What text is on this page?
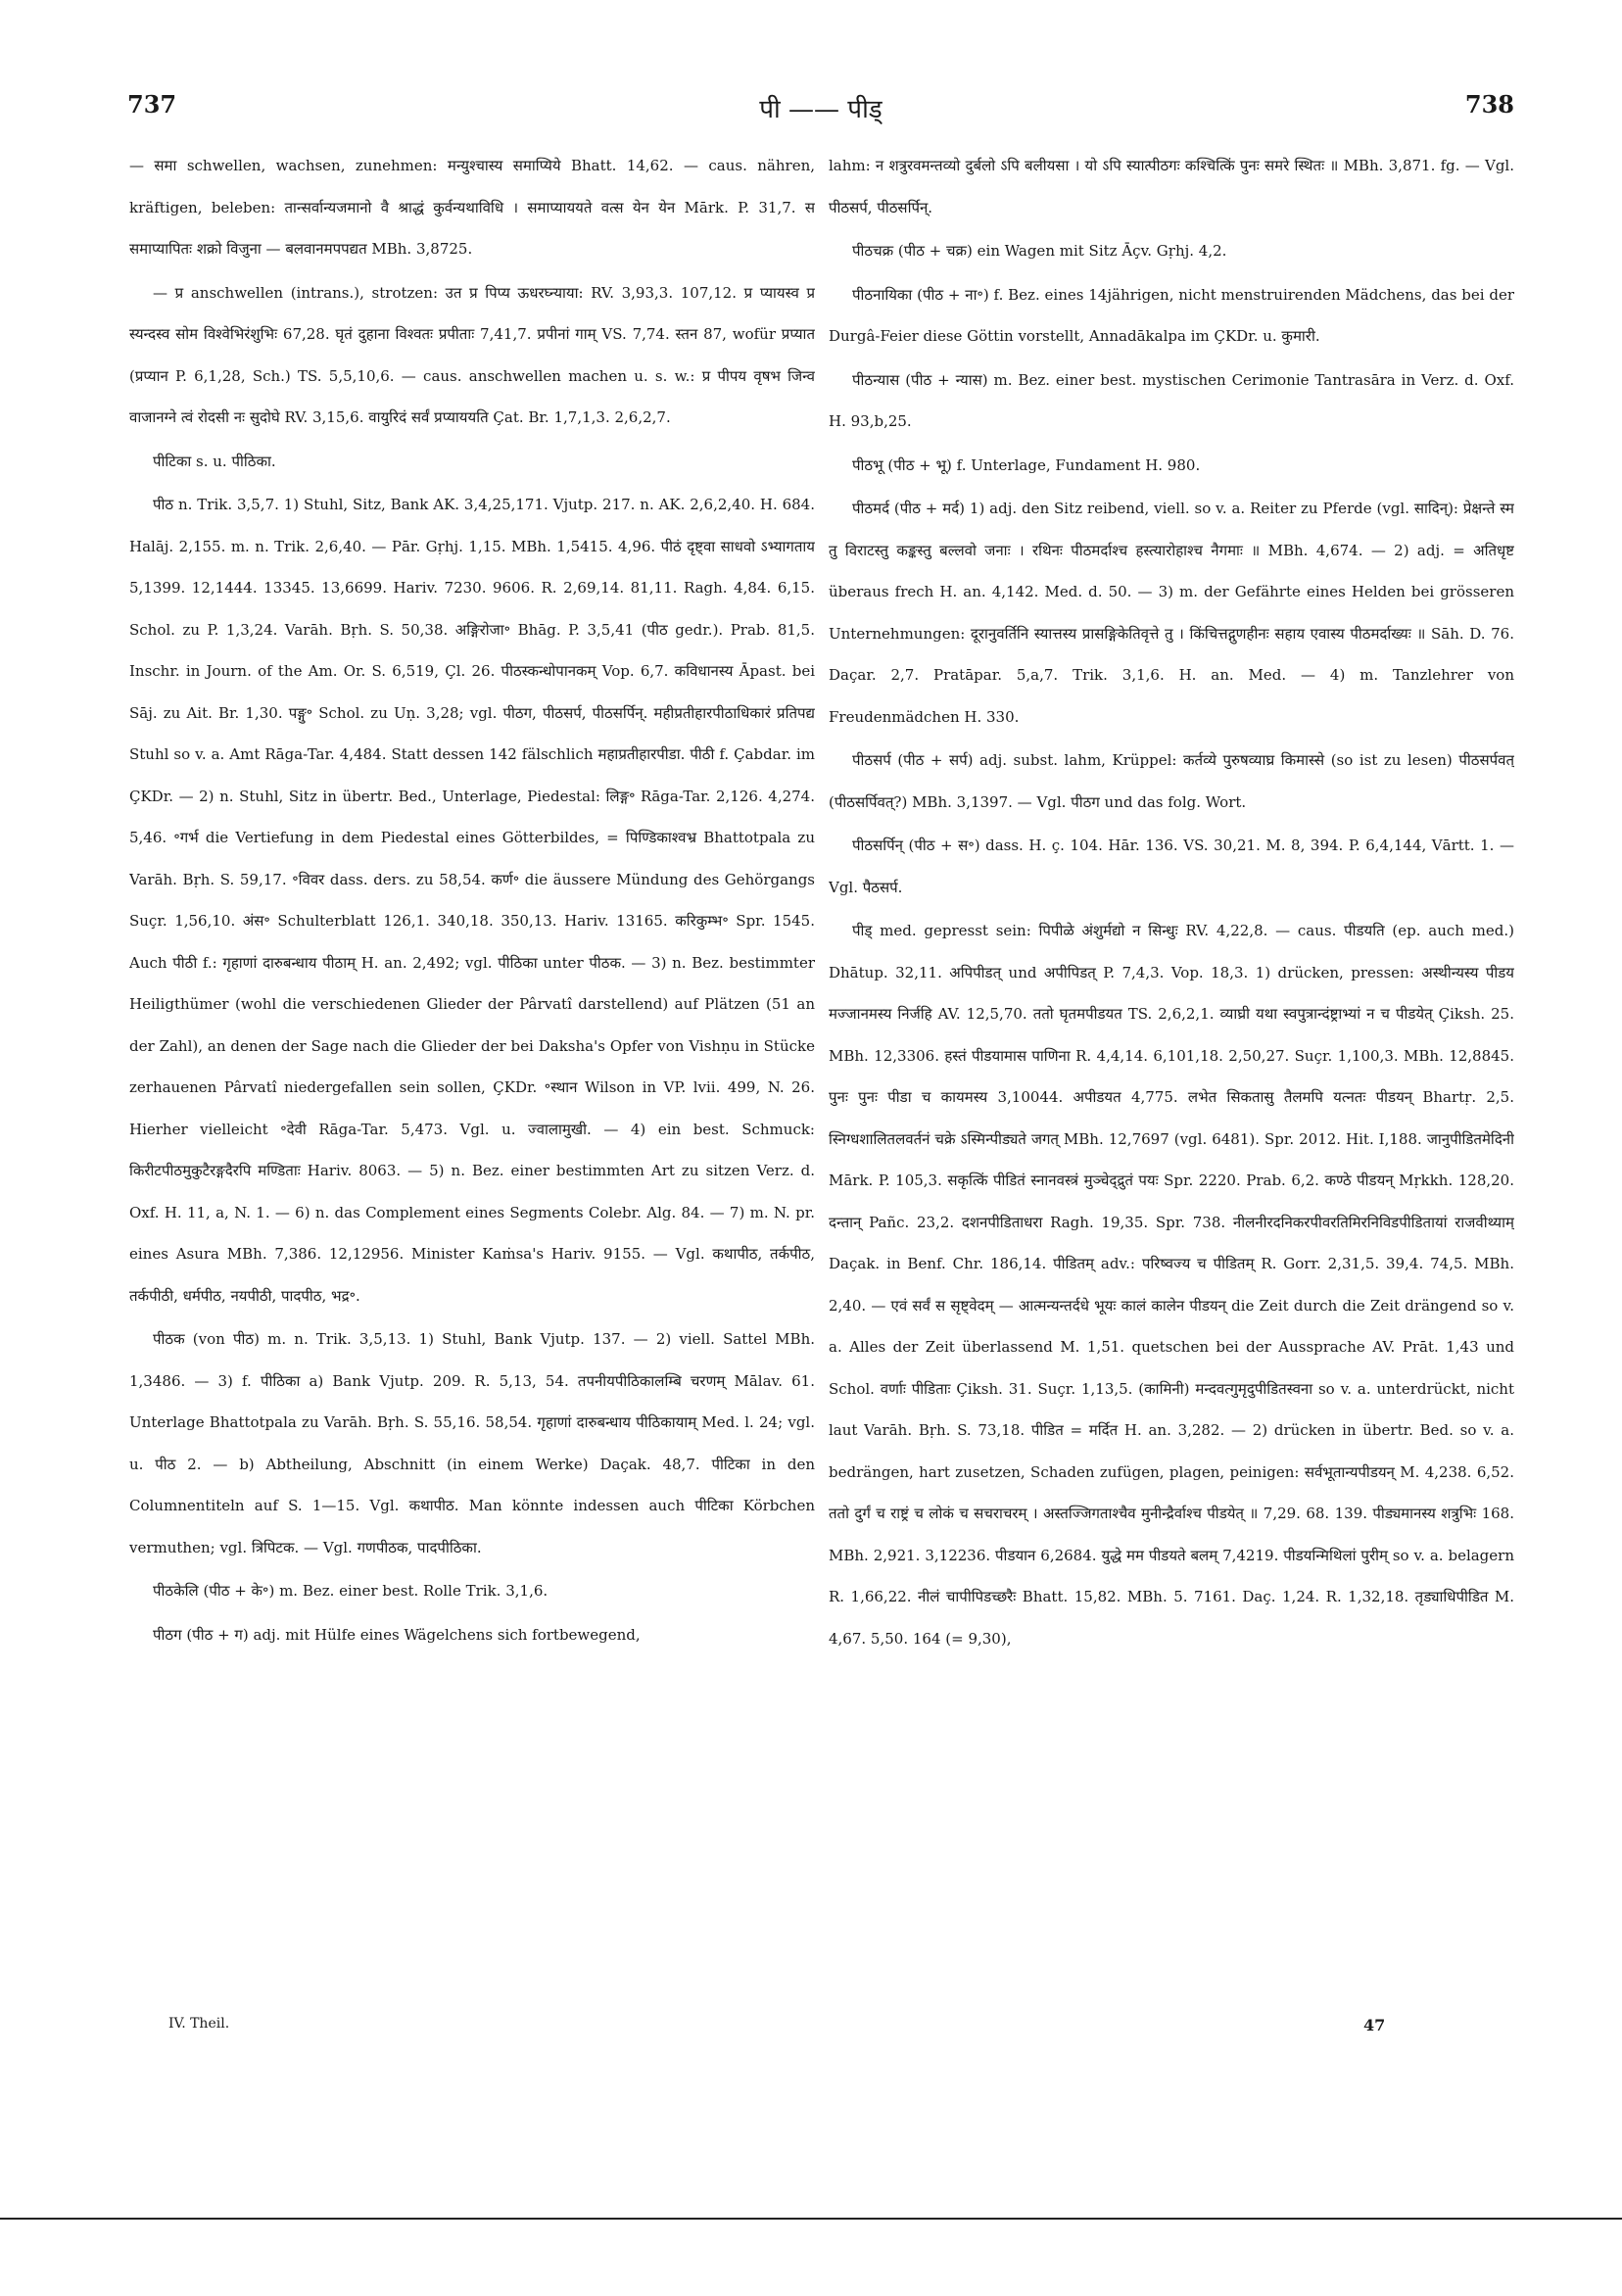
737	पी —— पीड्	738

— समा schwellen, wachsen, zunehmen: मन्युश्चास्य समाप्यिये Bhatt. 14,62. — caus. nähren, kräftigen, beleben: तान्सर्वान्यजमानो वै श्राद्धं कुर्वन्यथाविधि । समाप्याययते वत्स येन येन Mārk. P. 31,7. स समाप्यापितः शक्रो विजुना — बलवानमपपद्यत MBh. 3,8725.

— प्र anschwellen (intrans.), strotzen: उत प्र पिप्य ऊधरघ्न्याया: RV. 3,93,3. 107,12. प्र प्यायस्व प्र स्यन्दस्व सोम विश्वेभिरंशुभिः 67,28. घृतं दुहाना विश्वतः प्रपीताः 7,41,7. प्रपीनां गाम् VS. 7,74. स्तन 87, wofür प्रप्यात (प्रप्यान P. 6,1,28, Sch.) TS. 5,5,10,6. — caus. anschwellen machen u. s. w.: प्र पीपय वृषभ जिन्व वाजानग्ने त्वं रोदसी नः सुदोघे RV. 3,15,6. वायुरिदं सर्वं प्रप्याययति Çat. Br. 1,7,1,3. 2,6,2,7.

पीटिका s. u. पीठिका.

पीठ n. Trik. 3,5,7. 1) Stuhl, Sitz, Bank AK. 3,4,25,171. Vjutp. 217. n. AK. 2,6,2,40. H. 684. Halāj. 2,155. m. n. Trik. 2,6,40. — Pār. Gṛhj. 1,15. MBh. 1,5415. 4,96. पीठं दृष्ट्वा साधवो ऽभ्यागताय 5,1399. 12,1444. 13345. 13,6699. Hariv. 7230. 9606. R. 2,69,14. 81,11. Ragh. 4,84. 6,15. Schol. zu P. 1,3,24. Varāh. Bṛh. S. 50,38. अङ्गिरोजा॰ Bhāg. P. 3,5,41 (पीठ gedr.). Prab. 81,5. Inschr. in Journ. of the Am. Or. S. 6,519, Çl. 26. पीठस्कन्धोपानकम् Vop. 6,7. कविधानस्य Āpast. bei Sāj. zu Ait. Br. 1,30. पङ्गु॰ Schol. zu Uṇ. 3,28; vgl. पीठग, पीठसर्प, पीठसर्पिन्. महीप्रतीहारपीठाधिकारं प्रतिपद्य Stuhl so v. a. Amt Rāga-Tar. 4,484. Statt dessen 142 fälschlich महाप्रतीहारपीडा. पीठी f. Çabdar. im ÇKDr. — 2) n. Stuhl, Sitz in übertr. Bed., Unterlage, Piedestal: लिङ्ग॰ Rāga-Tar. 2,126. 4,274. 5,46. ॰गर्भ die Vertiefung in dem Piedestal eines Götterbildes, = पिण्डिकाश्वभ्र Bhattotpala zu Varāh. Bṛh. S. 59,17. ॰विवर dass. ders. zu 58,54. कर्ण॰ die äussere Mündung des Gehörgangs Suçr. 1,56,10. अंस॰ Schulterblatt 126,1. 340,18. 350,13. Hariv. 13165. करिकुम्भ॰ Spr. 1545. Auch पीठी f.: गृहाणां दारुबन्धाय पीठाम् H. an. 2,492; vgl. पीठिका unter पीठक. — 3) n. Bez. bestimmter Heiligthümer (wohl die verschiedenen Glieder der Pârvatî darstellend) auf Plätzen (51 an der Zahl), an denen der Sage nach die Glieder der bei Daksha's Opfer von Vishṇu in Stücke zerhauenen Pârvatî niedergefallen sein sollen, ÇKDr. ॰स्थान Wilson in VP. lvii. 499, N. 26. Hierher vielleicht ॰देवी Rāga-Tar. 5,473. Vgl. u. ज्वालामुखी. — 4) ein best. Schmuck: किरीटपीठमुकुटैरङ्गदैरपि मण्डिताः Hariv. 8063. — 5) n. Bez. einer bestimmten Art zu sitzen Verz. d. Oxf. H. 11, a, N. 1. — 6) n. das Complement eines Segments Colebr. Alg. 84. — 7) m. N. pr. eines Asura MBh. 7,386. 12,12956. Minister Kaṁsa's Hariv. 9155. — Vgl. कथापीठ, तर्कपीठ, तर्कपीठी, धर्मपीठ, नयपीठी, पादपीठ, भद्र॰.

पीठक (von पीठ) m. n. Trik. 3,5,13. 1) Stuhl, Bank Vjutp. 137. — 2) viell. Sattel MBh. 1,3486. — 3) f. पीठिका a) Bank Vjutp. 209. R. 5,13, 54. तपनीयपीठिकालम्बि चरणम् Mālav. 61. Unterlage Bhattotpala zu Varāh. Bṛh. S. 55,16. 58,54. गृहाणां दारुबन्धाय पीठिकायाम् Med. l. 24; vgl. u. पीठ 2. — b) Abtheilung, Abschnitt (in einem Werke) Daçak. 48,7. पीटिका in den Columnentiteln auf S. 1—15. Vgl. कथापीठ. Man könnte indessen auch पीटिका Körbchen vermuthen; vgl. त्रिपिटक. — Vgl. गणपीठक, पादपीठिका.

पीठकेलि (पीठ + के॰) m. Bez. einer best. Rolle Trik. 3,1,6.

पीठग (पीठ + ग) adj. mit Hülfe eines Wägelchens sich fortbewegend,

lahm: न शत्रुरवमन्तव्यो दुर्बलो ऽपि बलीयसा । यो ऽपि स्यात्पीठगः कश्चित्किं पुनः समरे स्थितः ॥ MBh. 3,871. fg. — Vgl. पीठसर्प, पीठसर्पिन्.

पीठचक्र (पीठ + चक्र) ein Wagen mit Sitz Āçv. Gṛhj. 4,2.

पीठनायिका (पीठ + ना॰) f. Bez. eines 14jährigen, nicht menstruirenden Mädchens, das bei der Durgâ-Feier diese Göttin vorstellt, Annadākalpa im ÇKDr. u. कुमारी.

पीठन्यास (पीठ + न्यास) m. Bez. einer best. mystischen Cerimonie Tantrasāra in Verz. d. Oxf. H. 93,b,25.

पीठभू (पीठ + भू) f. Unterlage, Fundament H. 980.

पीठमर्द (पीठ + मर्द) 1) adj. den Sitz reibend, viell. so v. a. Reiter zu Pferde (vgl. सादिन्): प्रेक्षन्ते स्म तु विराटस्तु कङ्कस्तु बल्लवो जनाः । रथिनः पीठमर्दाश्च हस्त्यारोहाश्च नैगमाः ॥ MBh. 4,674. — 2) adj. = अतिधृष्ट überaus frech H. an. 4,142. Med. d. 50. — 3) m. der Gefährte eines Helden bei grösseren Unternehmungen: दूरानुवर्तिनि स्यात्तस्य प्रासङ्गिकेतिवृत्ते तु । किंचित्तद्गुणहीनः सहाय एवास्य पीठमर्दाख्यः ॥ Sāh. D. 76. Daçar. 2,7. Pratāpar. 5,a,7. Trik. 3,1,6. H. an. Med. — 4) m. Tanzlehrer von Freudenmädchen H. 330.

पीठसर्प (पीठ + सर्प) adj. subst. lahm, Krüppel: कर्तव्ये पुरुषव्याघ्र किमास्से (so ist zu lesen) पीठसर्पवत् (पीठसर्पिवत्?) MBh. 3,1397. — Vgl. पीठग und das folg. Wort.

पीठसर्पिन् (पीठ + स॰) dass. H. ç. 104. Hār. 136. VS. 30,21. M. 8, 394. P. 6,4,144, Vārtt. 1. — Vgl. पैठसर्प.

पीड् med. gepresst sein: पिपीळे अंशुर्मद्यो न सिन्धुः RV. 4,22,8. — caus. पीडयति (ep. auch med.) Dhātup. 32,11. अपिपीडत् und अपीपिडत् P. 7,4,3. Vop. 18,3. 1) drücken, pressen: अस्थीन्यस्य पीडय मज्जानमस्य निर्जहि AV. 12,5,70. ततो घृतमपीडयत TS. 2,6,2,1. व्याघ्री यथा स्वपुत्रान्दंष्ट्राभ्यां न च पीडयेत् Çiksh. 25. MBh. 12,3306. हस्तं पीडयामास पाणिना R. 4,4,14. 6,101,18. 2,50,27. Suçr. 1,100,3. MBh. 12,8845. पुनः पुनः पीडा च कायमस्य 3,10044. अपीडयत 4,775. लभेत सिकतासु तैलमपि यत्नतः पीडयन् Bhartṛ. 2,5. स्निग्धशालितलवर्तनं चक्रे ऽस्मिन्पीड्यते जगत् MBh. 12,7697 (vgl. 6481). Spr. 2012. Hit. I,188. जानुपीडितमेदिनी Mārk. P. 105,3. सकृत्किं पीडितं स्नानवस्त्रं मुञ्चेद्द्रुतं पयः Spr. 2220. Prab. 6,2. कण्ठे पीडयन् Mṛkkh. 128,20. दन्तान् Pañc. 23,2. दशनपीडिताधरा Ragh. 19,35. Spr. 738. नीलनीरदनिकरपीवरतिमिरनिविडपीडितायां राजवीथ्याम् Daçak. in Benf. Chr. 186,14. पीडितम् adv.: परिष्वज्य च पीडितम् R. Gorr. 2,31,5. 39,4. 74,5. MBh. 2,40. — एवं सर्वं स सृष्ट्वेदम् — आत्मन्यन्तर्दधे भूयः कालं कालेन पीडयन् die Zeit durch die Zeit drängend so v. a. Alles der Zeit überlassend M. 1,51. quetschen bei der Aussprache AV. Prāt. 1,43 und Schol. वर्णाः पीडिताः Çiksh. 31. Suçr. 1,13,5. (कामिनी) मन्दवत्गुमृदुपीडितस्वना so v. a. unterdrückt, nicht laut Varāh. Bṛh. S. 73,18. पीडित = मर्दित H. an. 3,282. — 2) drücken in übertr. Bed. so v. a. bedrängen, hart zusetzen, Schaden zufügen, plagen, peinigen: सर्वभूतान्यपीडयन् M. 4,238. 6,52. ततो दुर्गं च राष्ट्रं च लोकं च सचराचरम् । अस्तज्जिगताश्चैव मुनीन्द्रैर्वाश्च पीडयेत् ॥ 7,29. 68. 139. पीड्यमानस्य शत्रुभिः 168. MBh. 2,921. 3,12236. पीडयान 6,2684. युद्धे मम पीडयते बलम् 7,4219. पीडयन्मिथिलां पुरीम् so v. a. belagern R. 1,66,22. नीलं चापीपिडच्छरैः Bhatt. 15,82. MBh. 5. 7161. Daç. 1,24. R. 1,32,18. तृड्याधिपीडित M. 4,67. 5,50. 164 (= 9,30),

IV. Theil.	47
